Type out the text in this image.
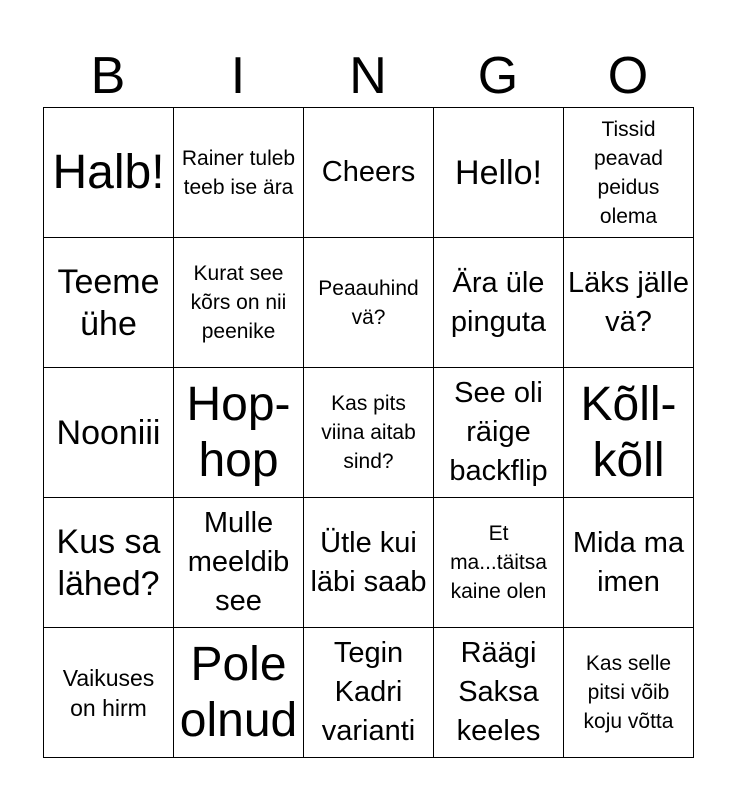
B	I	N	G	O
Halb!	Rainer tuleb teeb ise ära	Cheers	Hello!	Tissid peavad peidus olema
Teeme ühe	Kurat see kõrs on nii peenike	Peaauhind vä?	Ära üle pinguta	Läks jälle vä?
Nooniii	Hop-hop	Kas pits viina aitab sind?	See oli räige backflip	Kõll-kõll
Kus sa lähed?	Mulle meeldib see	Ütle kui läbi saab	Et ma...täitsa kaine olen	Mida ma imen
Vaikuses on hirm	Pole olnud	Tegin Kadri varianti	Räägi Saksa keeles	Kas selle pitsi võib koju võtta
